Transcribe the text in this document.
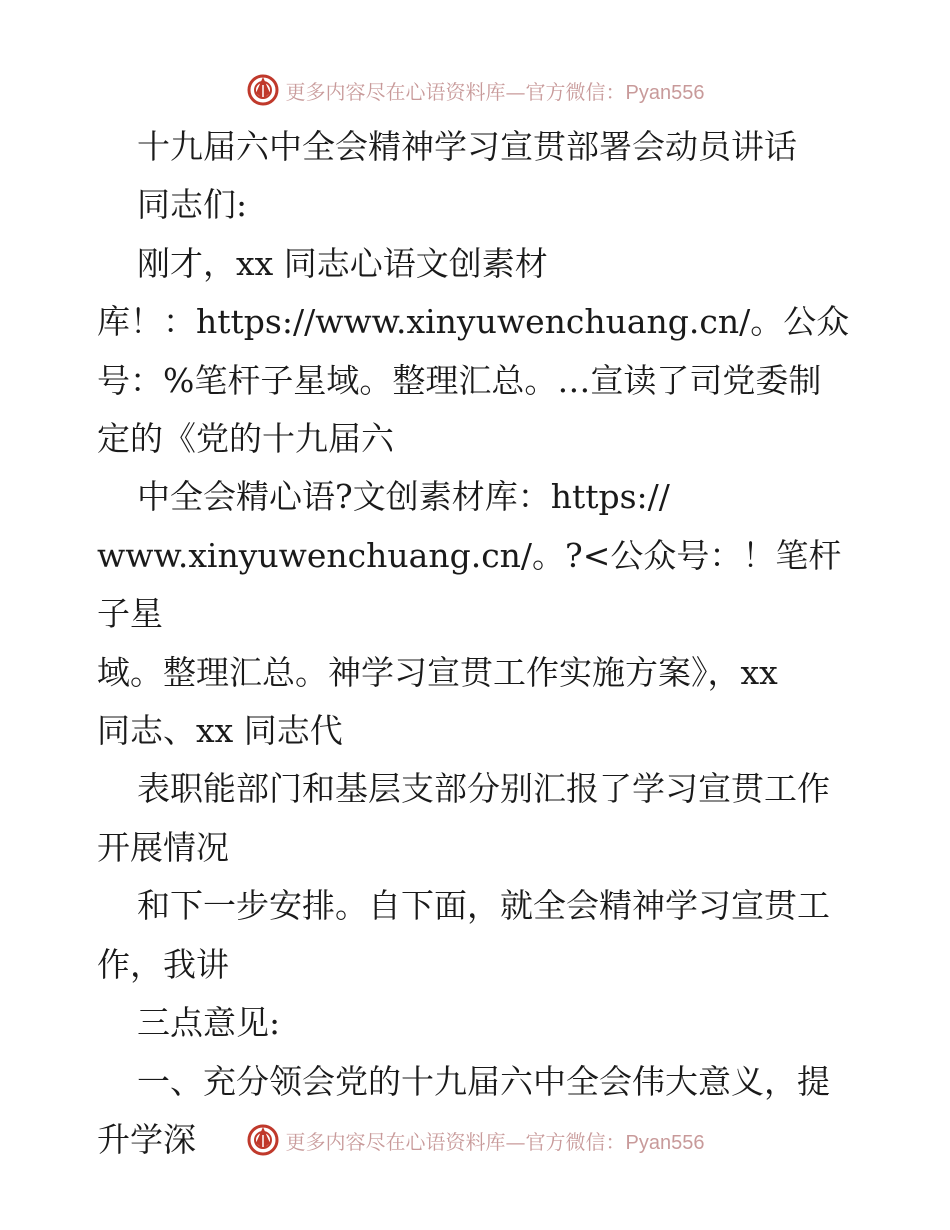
更多内容尽在心语资料库—官方微信：Pyan556

十九届六中全会精神学习宣贯部署会动员讲话

同志们:

刚才，xx 同志心语文创素材

库！：https://www.xinyuwenchuang.cn/。公众

号：%笔杆子星域。整理汇总。…宣读了司党委制

定的《党的十九届六

中全会精心语?文创素材库：https://

www.xinyuwenchuang.cn/。?<公众号：！笔杆子星

域。整理汇总。神学习宣贯工作实施方案》，xx

同志、xx 同志代

表职能部门和基层支部分别汇报了学习宣贯工作

开展情况

和下一步安排。自下面，就全会精神学习宣贯工

作，我讲

三点意见:

一、充分领会党的十九届六中全会伟大意义，提

升学深	更多内容尽在心语资料库—官方微信：Pyan556
